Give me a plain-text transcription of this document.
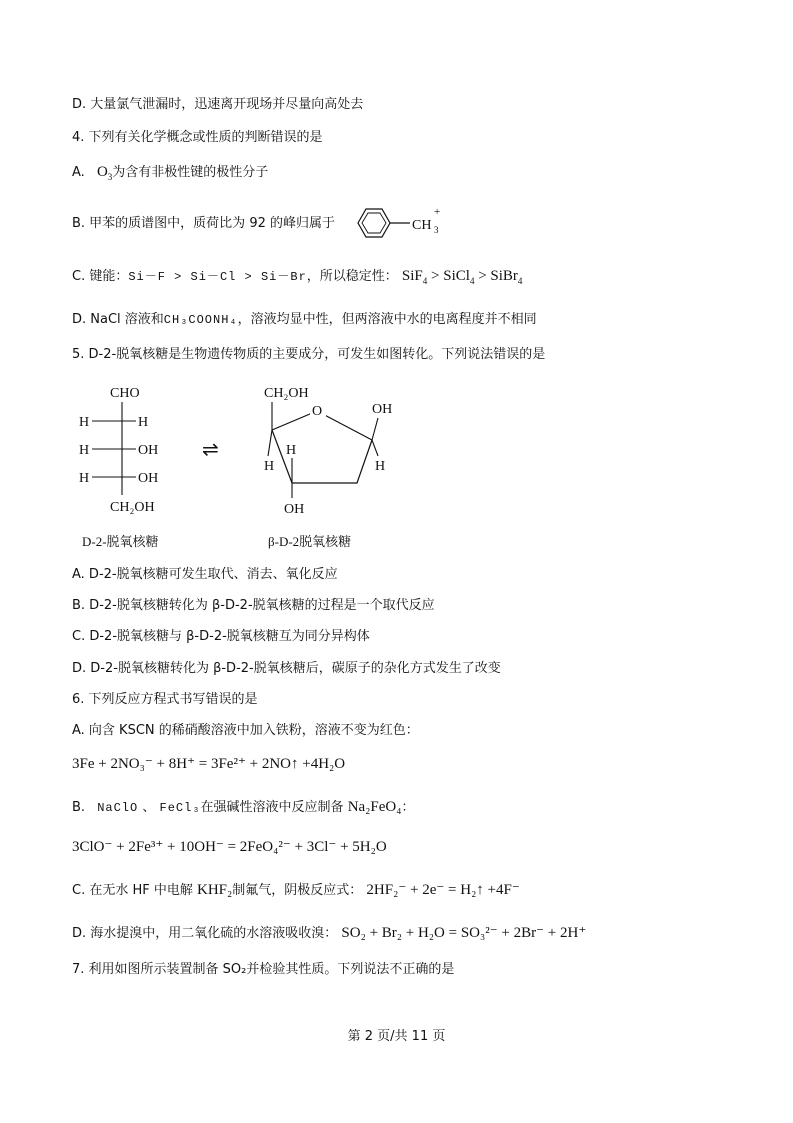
D. 大量氯气泄漏时，迅速离开现场并尽量向高处去
4. 下列有关化学概念或性质的判断错误的是
A. $O_3$为含有非极性键的极性分子
B. 甲苯的质谱图中，质荷比为 92 的峰归属于	CH 3
+
C. 键能：Si－F > Si－Cl > Si－Br，所以稳定性： SiF$_4$ > SiCl$_4$ > SiBr$_4$
D. NaCl 溶液和CH₃COONH₄，溶液均显中性，但两溶液中水的电离程度并不相同
5. D-2-脱氧核糖是生物遗传物质的主要成分，可发生如图转化。下列说法错误的是
CHO
H	H
H	OH
H	OH
CH₂OH
⇌
CH₂OH
O	OH
H
H
H
OH
D-2-脱氧核糖	β-D-2脱氧核糖
A. D-2-脱氧核糖可发生取代、消去、氧化反应
B. D-2-脱氧核糖转化为 β-D-2-脱氧核糖的过程是一个取代反应
C. D-2-脱氧核糖与 β-D-2-脱氧核糖互为同分异构体
D. D-2-脱氧核糖转化为 β-D-2-脱氧核糖后，碳原子的杂化方式发生了改变
6. 下列反应方程式书写错误的是
A. 向含 KSCN 的稀硝酸溶液中加入铁粉，溶液不变为红色：
3Fe + 2NO₃⁻ + 8H⁺ = 3Fe²⁺ + 2NO↑ +4H₂O
B. NaClO 、 FeCl₃在强碱性溶液中反应制备 Na₂FeO₄：
3ClO⁻ + 2Fe³⁺ + 10OH⁻ = 2FeO₄²⁻ + 3Cl⁻ + 5H₂O
C. 在无水 HF 中电解 KHF₂制氟气，阴极反应式： 2HF₂⁻ + 2e⁻ = H₂↑ +4F⁻
D. 海水提溴中，用二氧化硫的水溶液吸收溴： SO₂ + Br₂ + H₂O = SO₃²⁻ + 2Br⁻ + 2H⁺
7. 利用如图所示装置制备 SO₂并检验其性质。下列说法不正确的是
第 2 页/共 11 页
